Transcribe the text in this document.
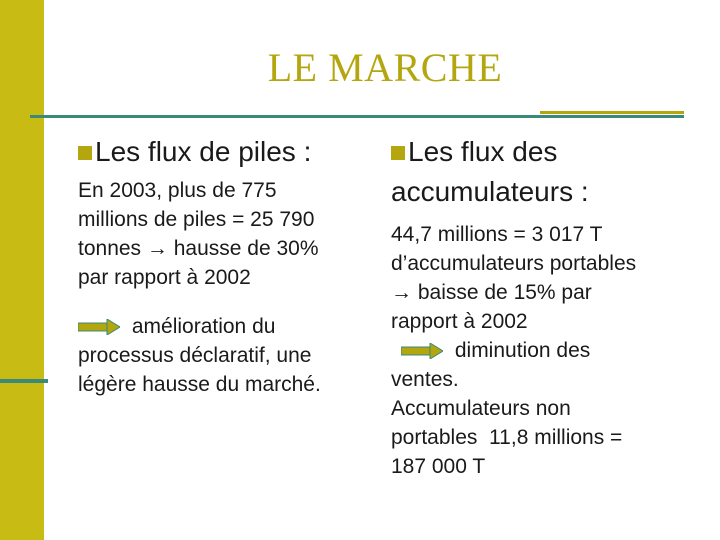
LE MARCHE
Les flux de piles :
En 2003, plus de 775
millions de piles = 25 790
tonnes → hausse de 30%
par rapport à 2002
amélioration du
processus déclaratif, une
légère hausse du marché.
Les flux des
accumulateurs :
44,7 millions = 3 017 T
d’accumulateurs portables
→ baisse de 15% par
rapport à 2002
diminution des
ventes.
Accumulateurs non
portables  11,8 millions =
187 000 T
